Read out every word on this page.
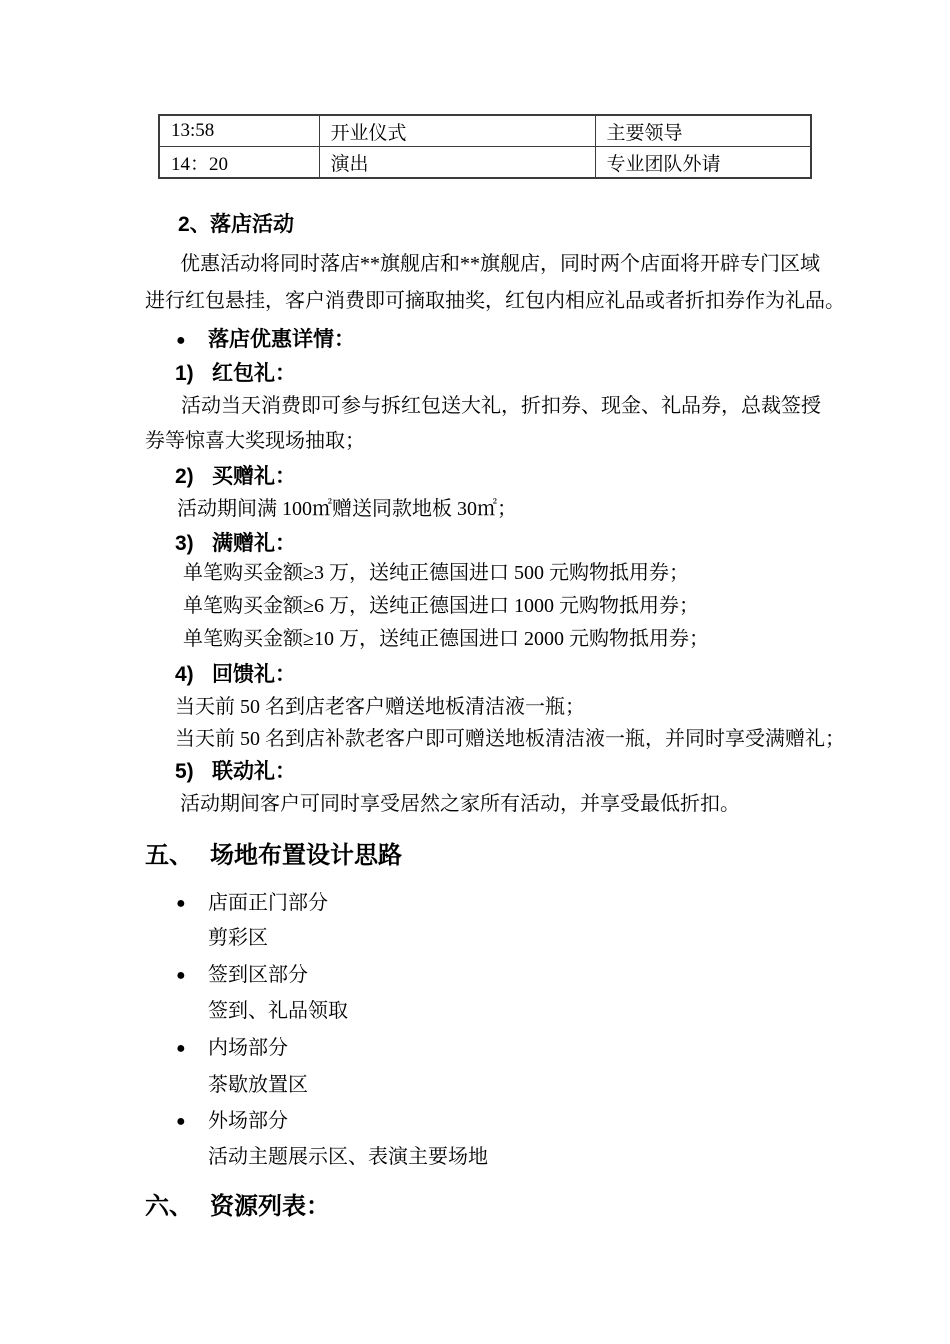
13:58	开业仪式	主要领导
14：20	演出	专业团队外请
2、落店活动
优惠活动将同时落店**旗舰店和**旗舰店，同时两个店面将开辟专门区域
进行红包悬挂，客户消费即可摘取抽奖，红包内相应礼品或者折扣券作为礼品。
● 落店优惠详情：
1) 红包礼：
活动当天消费即可参与拆红包送大礼，折扣券、现金、礼品券，总裁签授
券等惊喜大奖现场抽取；
2) 买赠礼：
活动期间满 100㎡赠送同款地板 30㎡；
3) 满赠礼：
单笔购买金额≥3 万，送纯正德国进口 500 元购物抵用券；
单笔购买金额≥6 万，送纯正德国进口 1000 元购物抵用券；
单笔购买金额≥10 万，送纯正德国进口 2000 元购物抵用券；
4) 回馈礼：
当天前 50 名到店老客户赠送地板清洁液一瓶；
当天前 50 名到店补款老客户即可赠送地板清洁液一瓶，并同时享受满赠礼；
5) 联动礼：
活动期间客户可同时享受居然之家所有活动，并享受最低折扣。
五、 场地布置设计思路
● 店面正门部分
剪彩区
● 签到区部分
签到、礼品领取
● 内场部分
茶歇放置区
● 外场部分
活动主题展示区、表演主要场地
六、 资源列表：
